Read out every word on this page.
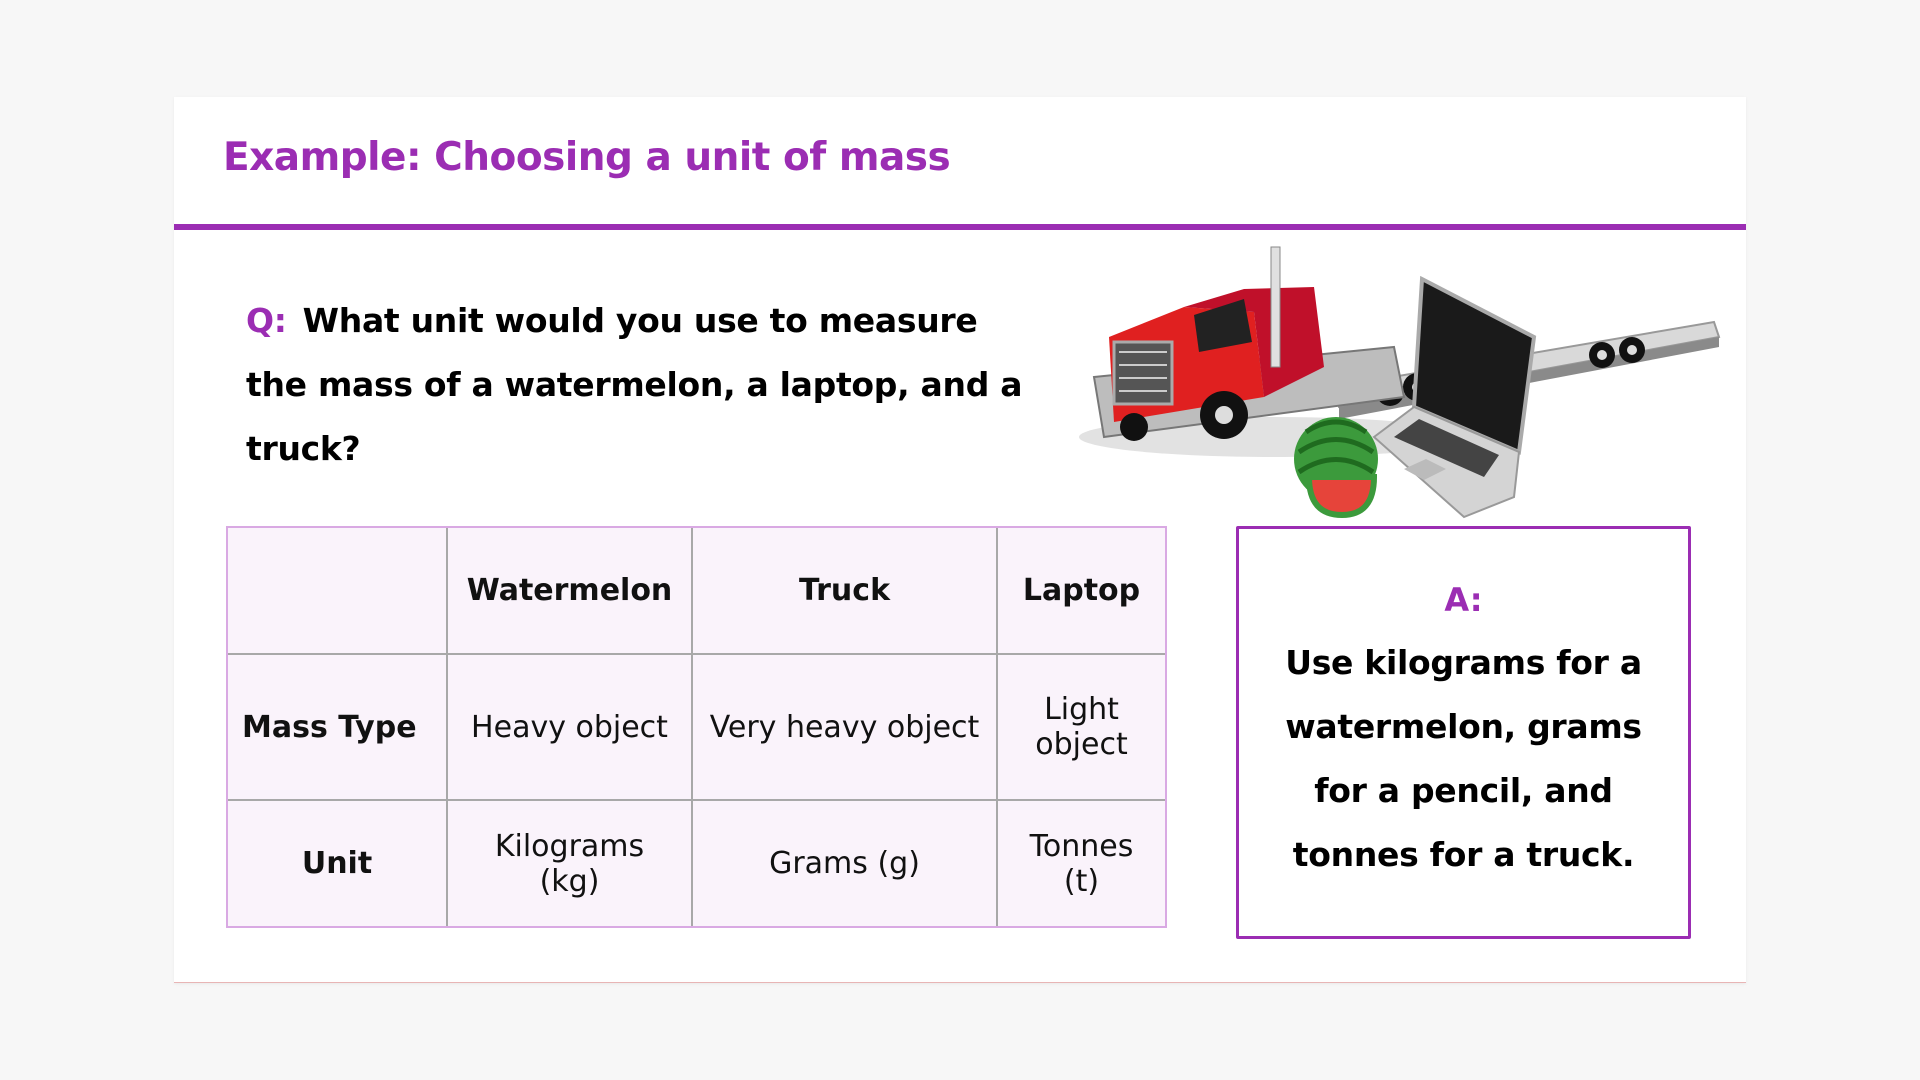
Example: Choosing a unit of mass
Q: What unit would you use to measure the mass of a watermelon, a laptop, and a truck?
	Watermelon	Truck	Laptop
Mass Type	Heavy object	Very heavy object	Light object
Unit	Kilograms (kg)	Grams (g)	Tonnes (t)
A:
Use kilograms for a watermelon, grams for a pencil, and tonnes for a truck.
